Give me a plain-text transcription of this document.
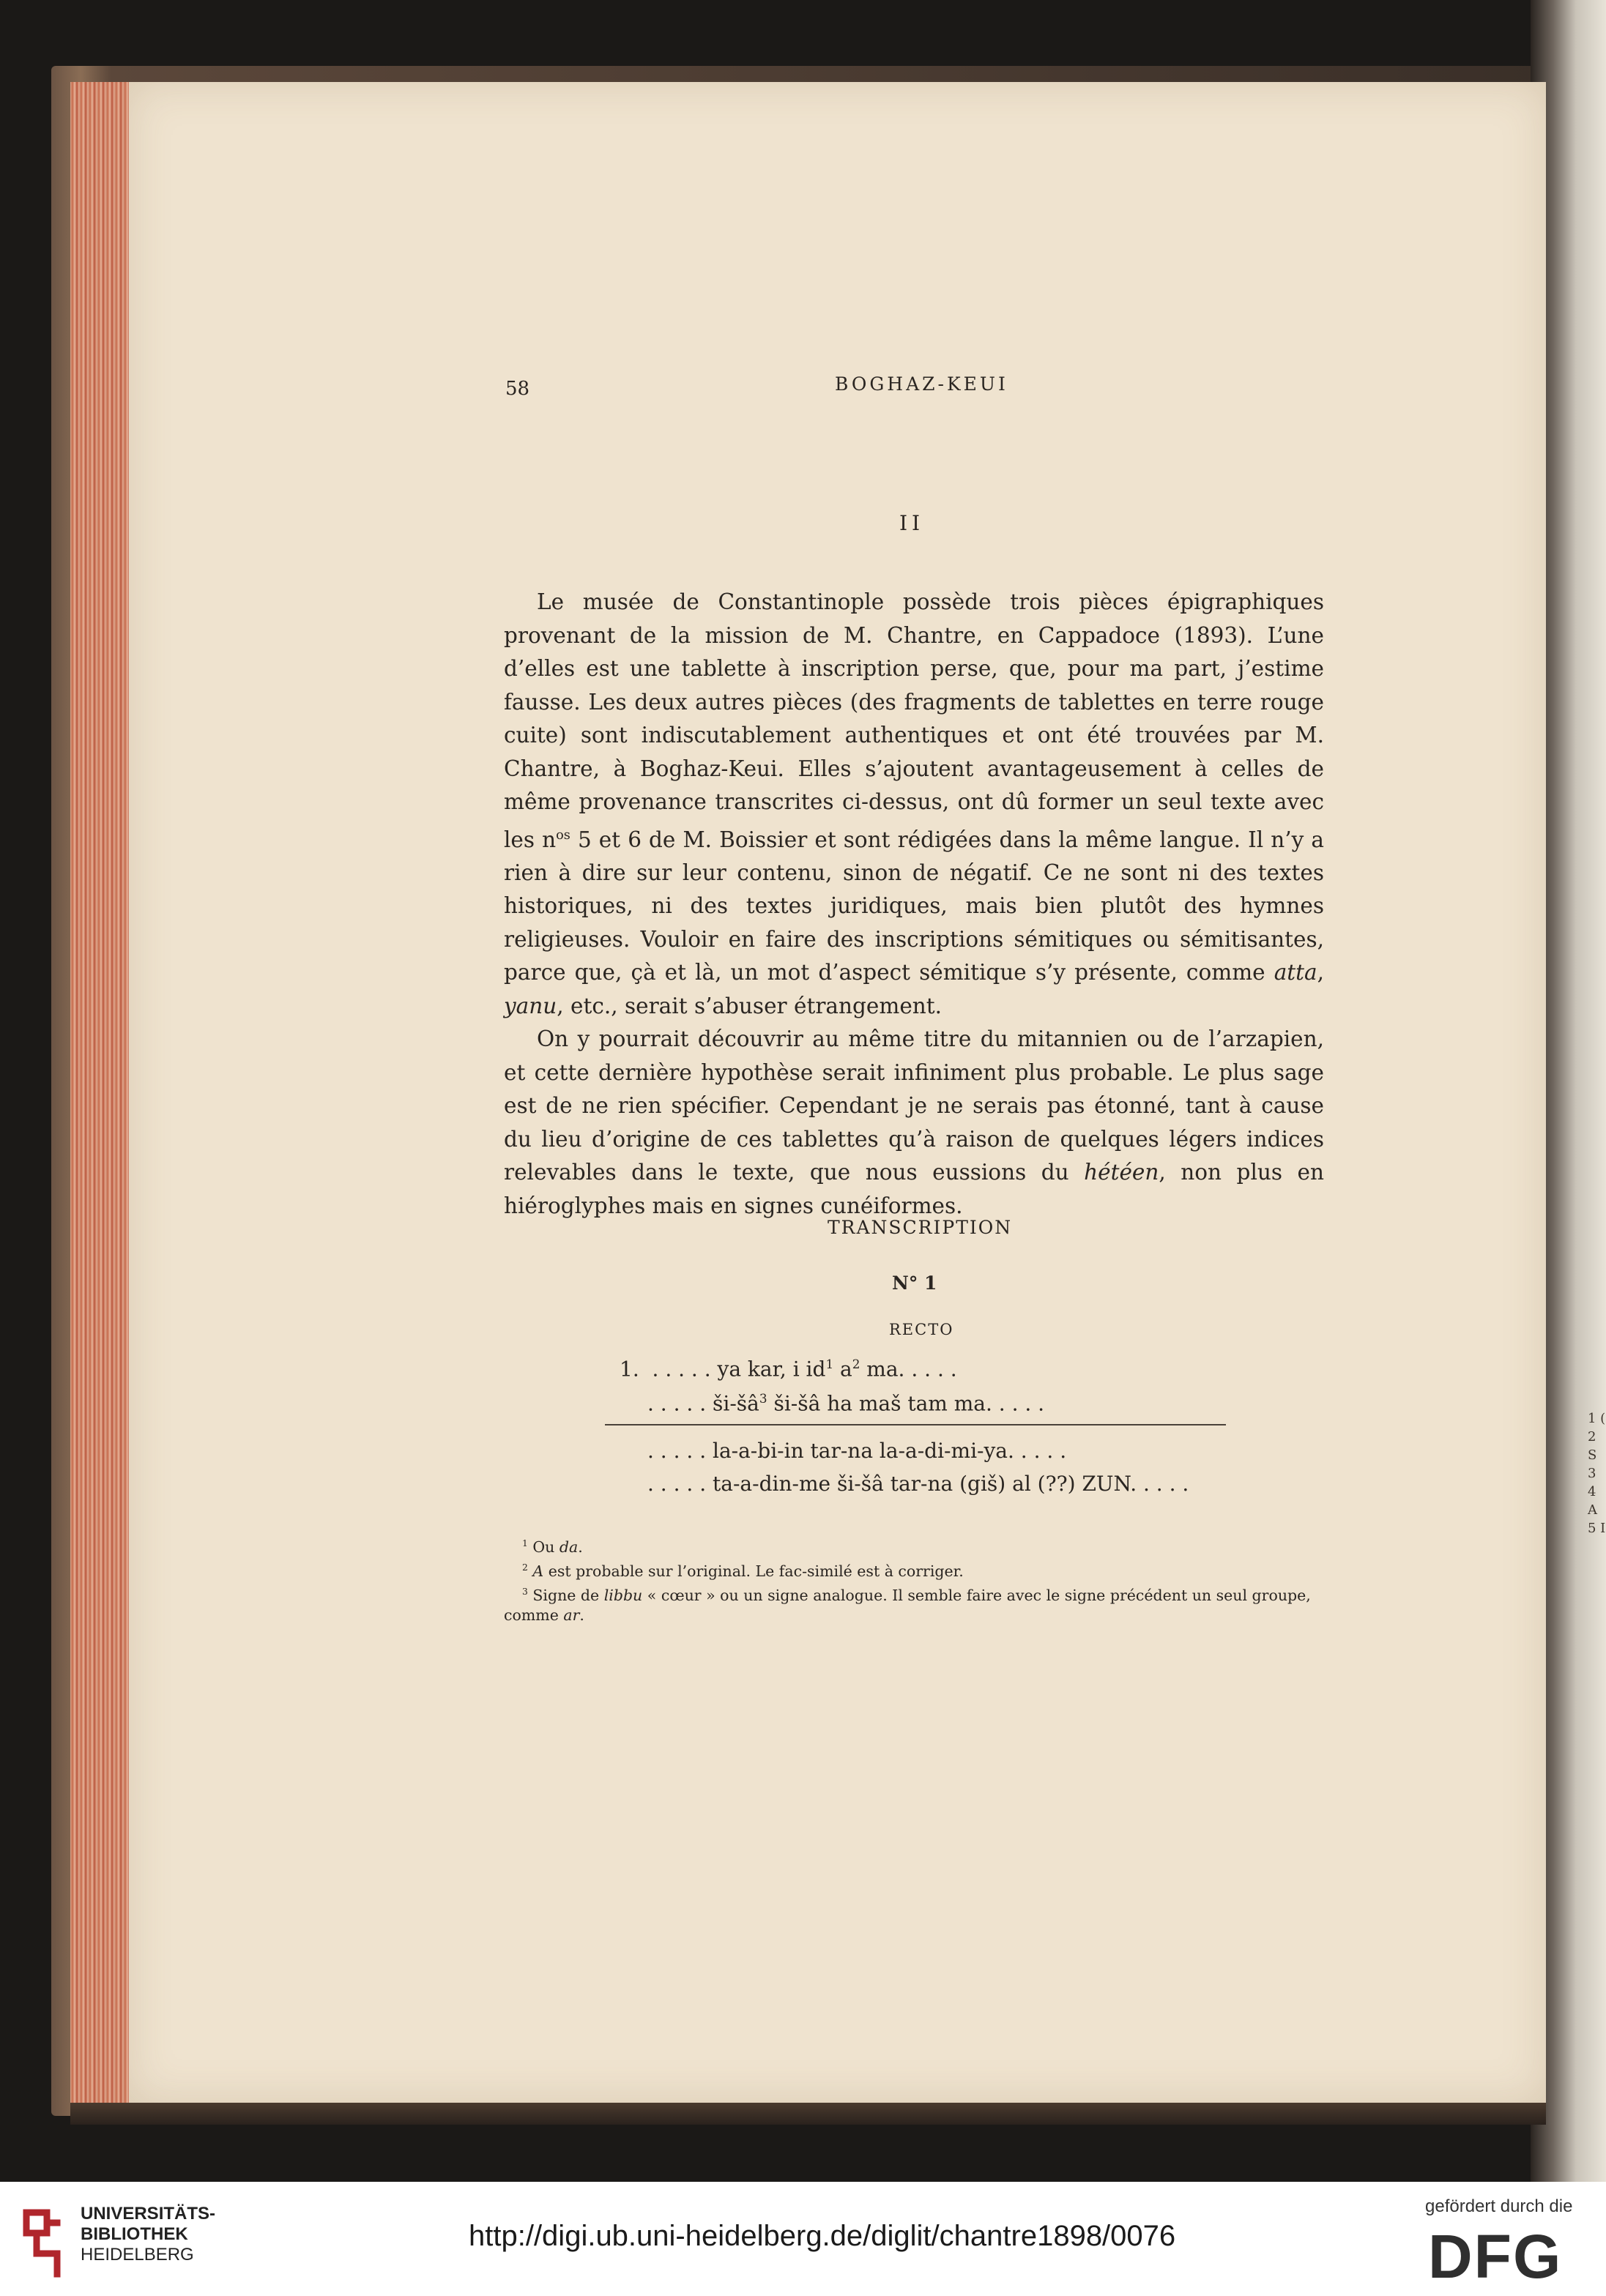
1 (
2 S
3
4 A
5 I
58	BOGHAZ-KEUI
II

Le musée de Constantinople possède trois pièces épigraphiques provenant de la mission de M. Chantre, en Cappadoce (1893). L’une d’elles est une tablette à inscription perse, que, pour ma part, j’estime fausse. Les deux autres pièces (des fragments de tablettes en terre rouge cuite) sont indiscutablement authentiques et ont été trouvées par M. Chantre, à Boghaz-Keui. Elles s’ajoutent avantageusement à celles de même provenance transcrites ci-dessus, ont dû former un seul texte avec les $n^{os}$ 5 et 6 de M. Boissier et sont rédigées dans la même langue. Il n’y a rien à dire sur leur contenu, sinon de négatif. Ce ne sont ni des textes historiques, ni des textes juridiques, mais bien plutôt des hymnes religieuses. Vouloir en faire des inscriptions sémitiques ou sémitisantes, parce que, çà et là, un mot d’aspect sémitique s’y présente, comme atta, yanu, etc., serait s’abuser étrangement.

On y pourrait découvrir au même titre du mitannien ou de l’arzapien, et cette dernière hypothèse serait infiniment plus probable. Le plus sage est de ne rien spécifier. Cependant je ne serais pas étonné, tant à cause du lieu d’origine de ces tablettes qu’à raison de quelques légers indices relevables dans le texte, que nous eussions du hétéen, non plus en hiéroglyphes mais en signes cunéiformes.

TRANSCRIPTION
N° 1
RECTO
1.  . . . . . ya kar, i $id^1$ $a^2$ ma. . . . .
. . . . . $ši-šâ^3$ ši-šâ ha maš tam ma. . . . .
. . . . . la-a-bi-in tar-na la-a-di-mi-ya. . . . .
. . . . . ta-a-din-me ši-šâ tar-na (giš) al (??) ZUN. . . . .
$^1$ Ou da.
$^2$ A est probable sur l’original. Le fac-similé est à corriger.
$^3$ Signe de libbu « cœur » ou un signe analogue. Il semble faire avec le signe précédent un seul groupe, comme ar.
UNIVERSITÄTS-
BIBLIOTHEK
HEIDELBERG
http://digi.ub.uni-heidelberg.de/diglit/chantre1898/0076
gefördert durch die
DFG
